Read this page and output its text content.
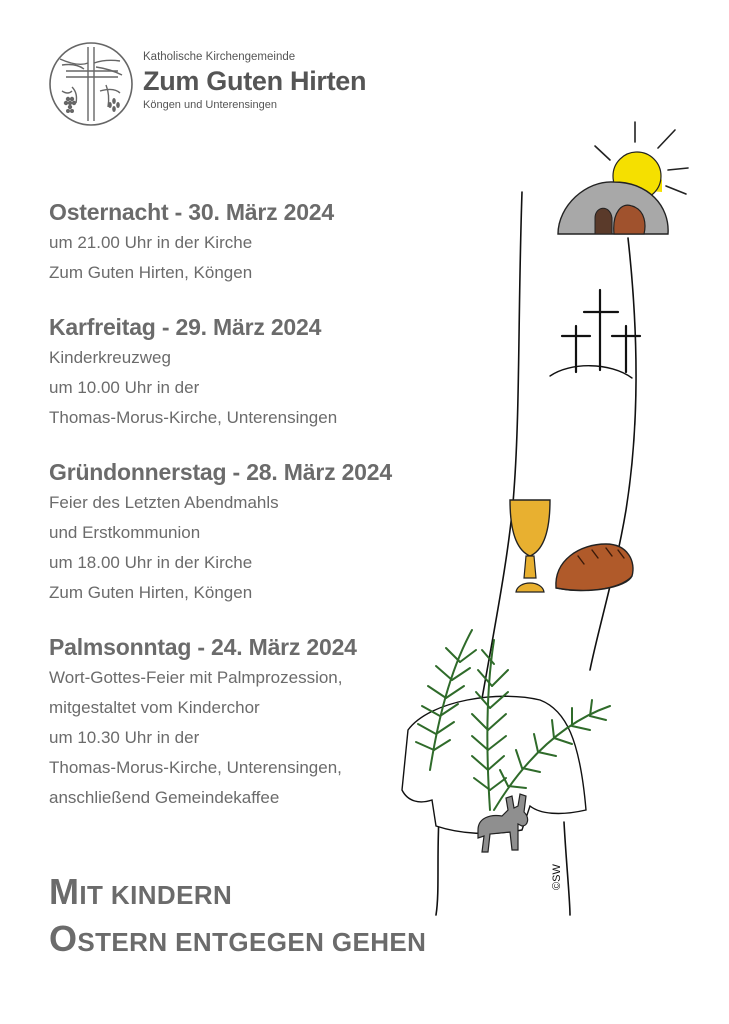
Katholische Kirchengemeinde
Zum Guten Hirten
Köngen und Unterensingen
Osternacht - 30. März 2024
um 21.00 Uhr in der Kirche
Zum Guten Hirten, Köngen
Karfreitag - 29. März 2024
Kinderkreuzweg
um 10.00 Uhr in der
Thomas-Morus-Kirche, Unterensingen
Gründonnerstag - 28. März 2024
Feier des Letzten Abendmahls
und Erstkommunion
um 18.00 Uhr in der Kirche
Zum Guten Hirten, Köngen
Palmsonntag - 24. März 2024
Wort-Gottes-Feier mit Palmprozession,
mitgestaltet vom Kinderchor
um 10.30 Uhr in der
Thomas-Morus-Kirche, Unterensingen,
anschließend Gemeindekaffee
MIT KINDERN
OSTERN ENTGEGEN GEHEN
©SW
